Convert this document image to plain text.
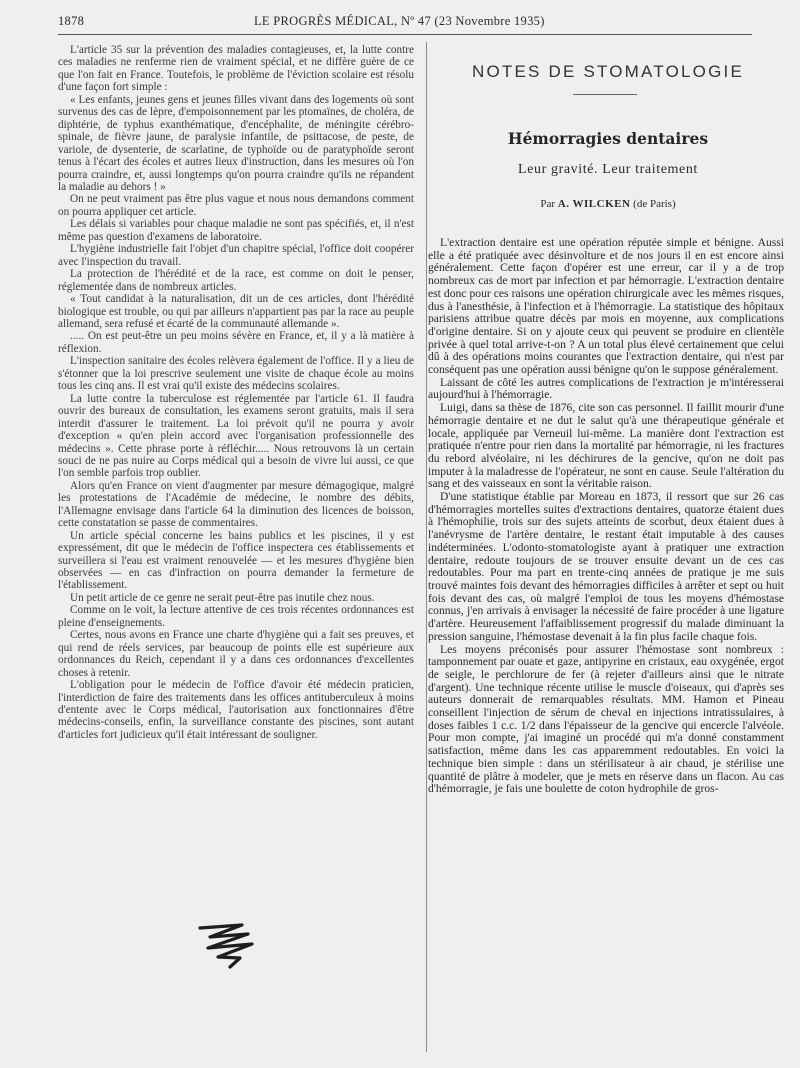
1878	LE PROGRÈS MÉDICAL, Nº 47 (23 Novembre 1935)

L'article 35 sur la prévention des maladies contagieuses, et, la lutte contre ces maladies ne renferme rien de vraiment spécial, et ne diffère guère de ce que l'on fait en France. Toutefois, le problème de l'éviction scolaire est résolu d'une façon fort simple :

« Les enfants, jeunes gens et jeunes filles vivant dans des logements où sont survenus des cas de lèpre, d'empoisonnement par les ptomaïnes, de choléra, de diphtérie, de typhus exanthématique, d'encéphalite, de méningite cérébro-spinale, de fièvre jaune, de paralysie infantile, de psittacose, de peste, de variole, de dysenterie, de scarlatine, de typhoïde ou de paratyphoïde seront tenus à l'écart des écoles et autres lieux d'instruction, dans les mesures où l'on pourra craindre, et, aussi longtemps qu'on pourra craindre qu'ils ne répandent la maladie au dehors ! »

On ne peut vraiment pas être plus vague et nous nous demandons comment on pourra appliquer cet article.

Les délais si variables pour chaque maladie ne sont pas spécifiés, et, il n'est même pas question d'examens de laboratoire.

L'hygiène industrielle fait l'objet d'un chapitre spécial, l'office doit coopérer avec l'inspection du travail.

La protection de l'hérédité et de la race, est comme on doit le penser, réglementée dans de nombreux articles.

« Tout candidat à la naturalisation, dit un de ces articles, dont l'hérédité biologique est trouble, ou qui par ailleurs n'appartient pas par la race au peuple allemand, sera refusé et écarté de la communauté allemande ».

..... On est peut-être un peu moins sévère en France, et, il y a là matière à réflexion.

L'inspection sanitaire des écoles relèvera également de l'office. Il y a lieu de s'étonner que la loi prescrive seulement une visite de chaque école au moins tous les cinq ans. Il est vrai qu'il existe des médecins scolaires.

La lutte contre la tuberculose est réglementée par l'article 61. Il faudra ouvrir des bureaux de consultation, les examens seront gratuits, mais il sera interdit d'assurer le traitement. La loi prévoit qu'il ne pourra y avoir d'exception « qu'en plein accord avec l'organisation professionnelle des médecins ». Cette phrase porte à réfléchir..... Nous retrouvons là un certain souci de ne pas nuire au Corps médical qui a besoin de vivre lui aussi, ce que l'on semble parfois trop oublier.

Alors qu'en France on vient d'augmenter par mesure démagogique, malgré les protestations de l'Académie de médecine, le nombre des débits, l'Allemagne envisage dans l'article 64 la diminution des licences de boisson, cette constatation se passe de commentaires.

Un article spécial concerne les bains publics et les piscines, il y est expressément, dit que le médecin de l'office inspectera ces établissements et surveillera si l'eau est vraiment renouvelée — et les mesures d'hygiène bien observées — en cas d'infraction on pourra demander la fermeture de l'établissement.

Un petit article de ce genre ne serait peut-être pas inutile chez nous.

Comme on le voit, la lecture attentive de ces trois récentes ordonnances est pleine d'enseignements.

Certes, nous avons en France une charte d'hygiène qui a fait ses preuves, et qui rend de réels services, par beaucoup de points elle est supérieure aux ordonnances du Reich, cependant il y a dans ces ordonnances d'excellentes choses à retenir.

L'obligation pour le médecin de l'office d'avoir été médecin praticien, l'interdiction de faire des traitements dans les offices antituberculeux à moins d'entente avec le Corps médical, l'autorisation aux fonctionnaires d'être médecins-conseils, enfin, la surveillance constante des piscines, sont autant d'articles fort judicieux qu'il était intéressant de souligner.

NOTES DE STOMATOLOGIE
Hémorragies dentaires
Leur gravité. Leur traitement
Par A. WILCKEN (de Paris)

L'extraction dentaire est une opération réputée simple et bénigne. Aussi elle a été pratiquée avec désinvolture et de nos jours il en est encore ainsi généralement. Cette façon d'opérer est une erreur, car il y a de trop nombreux cas de mort par infection et par hémorragie. L'extraction dentaire est donc pour ces raisons une opération chirurgicale avec les mêmes risques, dus à l'anesthésie, à l'infection et à l'hémorragie. La statistique des hôpitaux parisiens attribue quatre décès par mois en moyenne, aux complications d'origine dentaire. Si on y ajoute ceux qui peuvent se produire en clientèle privée à quel total arrive-t-on ? A un total plus élevé certainement que celui dû à des opérations moins courantes que l'extraction dentaire, qui n'est par conséquent pas une opération aussi bénigne qu'on le suppose généralement.

Laissant de côté les autres complications de l'extraction je m'intéresserai aujourd'hui à l'hémorragie.

Luigi, dans sa thèse de 1876, cite son cas personnel. Il faillit mourir d'une hémorragie dentaire et ne dut le salut qu'à une thérapeutique générale et locale, appliquée par Verneuil lui-même. La manière dont l'extraction est pratiquée n'entre pour rien dans la mortalité par hémorragie, ni les fractures du rebord alvéolaire, ni les déchirures de la gencive, qu'on ne doit pas imputer à la maladresse de l'opérateur, ne sont en cause. Seule l'altération du sang et des vaisseaux en sont la véritable raison.

D'une statistique établie par Moreau en 1873, il ressort que sur 26 cas d'hémorragies mortelles suites d'extractions dentaires, quatorze étaient dues à l'hémophilie, trois sur des sujets atteints de scorbut, deux étaient dues à l'anévrysme de l'artère dentaire, le restant était imputable à des causes indéterminées. L'odonto-stomatologiste ayant à pratiquer une extraction dentaire, redoute toujours de se trouver ensuite devant un de ces cas redoutables. Pour ma part en trente-cinq années de pratique je me suis trouvé maintes fois devant des hémorragies difficiles à arrêter et sept ou huit fois devant des cas, où malgré l'emploi de tous les moyens d'hémostase connus, j'en arrivais à envisager la nécessité de faire procéder à une ligature d'artère. Heureusement l'affaiblissement progressif du malade diminuant la pression sanguine, l'hémostase devenait à la fin plus facile chaque fois.

Les moyens préconisés pour assurer l'hémostase sont nombreux : tamponnement par ouate et gaze, antipyrine en cristaux, eau oxygénée, ergot de seigle, le perchlorure de fer (à rejeter d'ailleurs ainsi que le nitrate d'argent). Une technique récente utilise le muscle d'oiseaux, qui d'après ses auteurs donnerait de remarquables résultats. MM. Hamon et Pineau conseillent l'injection de sérum de cheval en injections intratissulaires, à doses faibles 1 c.c. 1/2 dans l'épaisseur de la gencive qui encercle l'alvéole. Pour mon compte, j'ai imaginé un procédé qui m'a donné constamment satisfaction, même dans les cas apparemment redoutables. En voici la technique bien simple : dans un stérilisateur à air chaud, je stérilise une quantité de plâtre à modeler, que je mets en réserve dans un flacon. Au cas d'hémorragie, je fais une boulette de coton hydrophile de gros-
